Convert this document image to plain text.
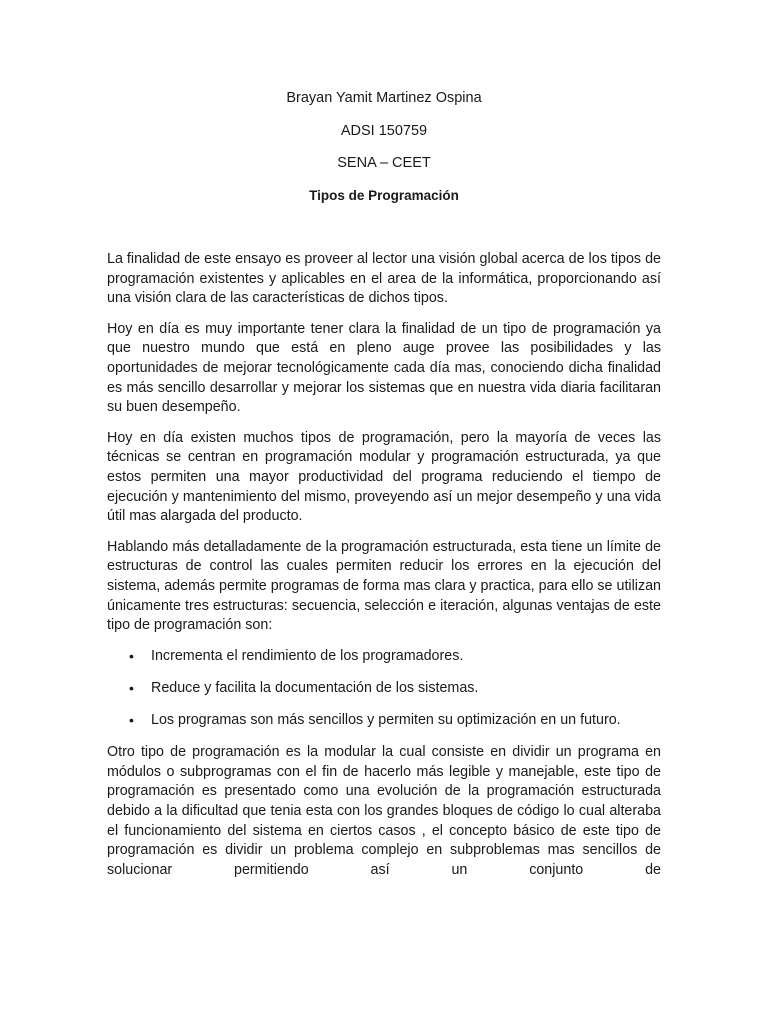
Brayan Yamit Martinez Ospina

ADSI 150759

SENA – CEET

Tipos de Programación

La finalidad de este ensayo es proveer al lector una visión global acerca de los tipos de programación existentes y aplicables en el area de la informática, proporcionando así una visión clara de las características de dichos tipos.

Hoy en día es muy importante tener clara la finalidad de un tipo de programación ya que nuestro mundo que está en pleno auge provee las posibilidades y las oportunidades de mejorar tecnológicamente cada día mas, conociendo dicha finalidad es más sencillo desarrollar y mejorar los sistemas que en nuestra vida diaria facilitaran su buen desempeño.

Hoy en día existen muchos tipos de programación, pero la mayoría de veces las técnicas se centran en programación modular y programación estructurada, ya que estos permiten una mayor productividad del programa reduciendo el tiempo de ejecución y mantenimiento del mismo, proveyendo así un mejor desempeño y una vida útil mas alargada del producto.

Hablando más detalladamente de la programación estructurada, esta tiene un límite de estructuras de control las cuales permiten reducir los errores en la ejecución del sistema, además permite programas de forma mas clara y practica, para ello se utilizan únicamente tres estructuras: secuencia, selección e iteración, algunas ventajas de este tipo de programación son:

• Incrementa el rendimiento de los programadores.
• Reduce y facilita la documentación de los sistemas.
• Los programas son más sencillos y permiten su optimización en un futuro.

Otro tipo de programación es la modular la cual consiste en dividir un programa en módulos o subprogramas con el fin de hacerlo más legible y manejable, este tipo de programación es presentado como una evolución de la programación estructurada debido a la dificultad que tenia esta con los grandes bloques de código lo cual alteraba el funcionamiento del sistema en ciertos casos , el concepto básico de este tipo de programación es dividir un problema complejo en subproblemas mas sencillos de solucionar permitiendo así un conjunto de
